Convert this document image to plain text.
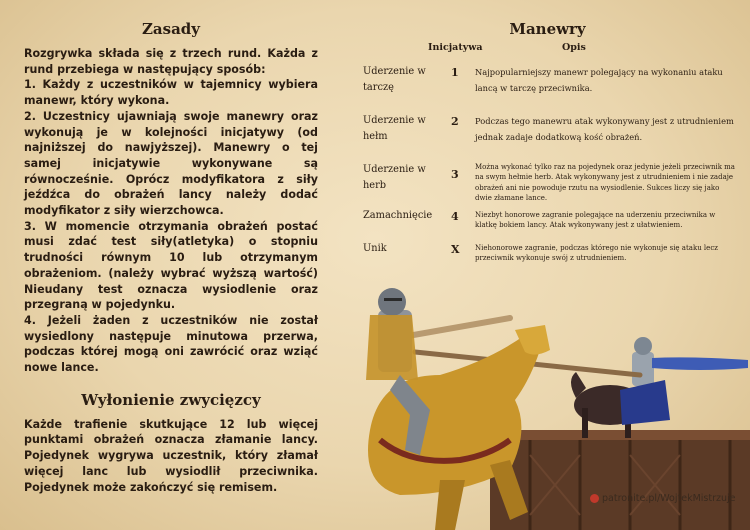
Zasady

Rozgrywka składa się z trzech rund. Każda z rund przebiega w następujący sposób:

1. Każdy z uczestników w tajemnicy wybiera manewr, który wykona.

2. Uczestnicy ujawniają swoje manewry oraz wykonują je w kolejności inicjatywy (od najniższej do nawjyższej). Manewry o tej samej inicjatywie wykonywane są równocześnie. Oprócz modyfikatora z siły jeźdźca do obrażeń lancy należy dodać modyfikator z siły wierzchowca.

3. W momencie otrzymania obrażeń postać musi zdać test siły(atletyka) o stopniu trudności równym 10 lub otrzymanym obrażeniom. (należy wybrać wyższą wartość) Nieudany test oznacza wysiodlenie oraz przegraną w pojedynku.

4. Jeżeli żaden z uczestników nie został wysiedlony następuje minutowa przerwa, podczas której mogą oni zawrócić oraz wziąć nowe lance.

Wyłonienie zwycięzcy

Każde trafienie skutkujące 12 lub więcej punktami obrażeń oznacza złamanie lancy. Pojedynek wygrywa uczestnik, który złamał więcej lanc lub wysiodlił przeciwnika. Pojedynek może zakończyć się remisem.

Manewry
Inicjatywa	Opis
Uderzenie w tarczę
1 Najpopularniejszy manewr polegający na wykonaniu ataku lancą w tarczę przeciwnika.
Uderzenie w hełm
2 Podczas tego manewru atak wykonywany jest z utrudnieniem jednak zadaje dodatkową kość obrażeń.
Uderzenie w herb
3
Można wykonać tylko raz na pojedynek oraz jedynie jeżeli przeciwnik ma na swym hełmie herb. Atak wykonywany jest z utrudnieniem i nie zadaje obrażeń ani nie powoduje rzutu na wysiodlenie. Sukces liczy się jako dwie złamane lance.
Zamachnięcie 4 Niezbyt honorowe zagranie polegające na uderzeniu przeciwnika w klatkę bokiem lancy. Atak wykonywany jest z ułatwieniem.
Unik	X Niehonorowe zagranie, podczas którego nie wykonuje się ataku lecz przeciwnik wykonuje swój z utrudnieniem.
patronite.pl/WojtekMistrzuje
